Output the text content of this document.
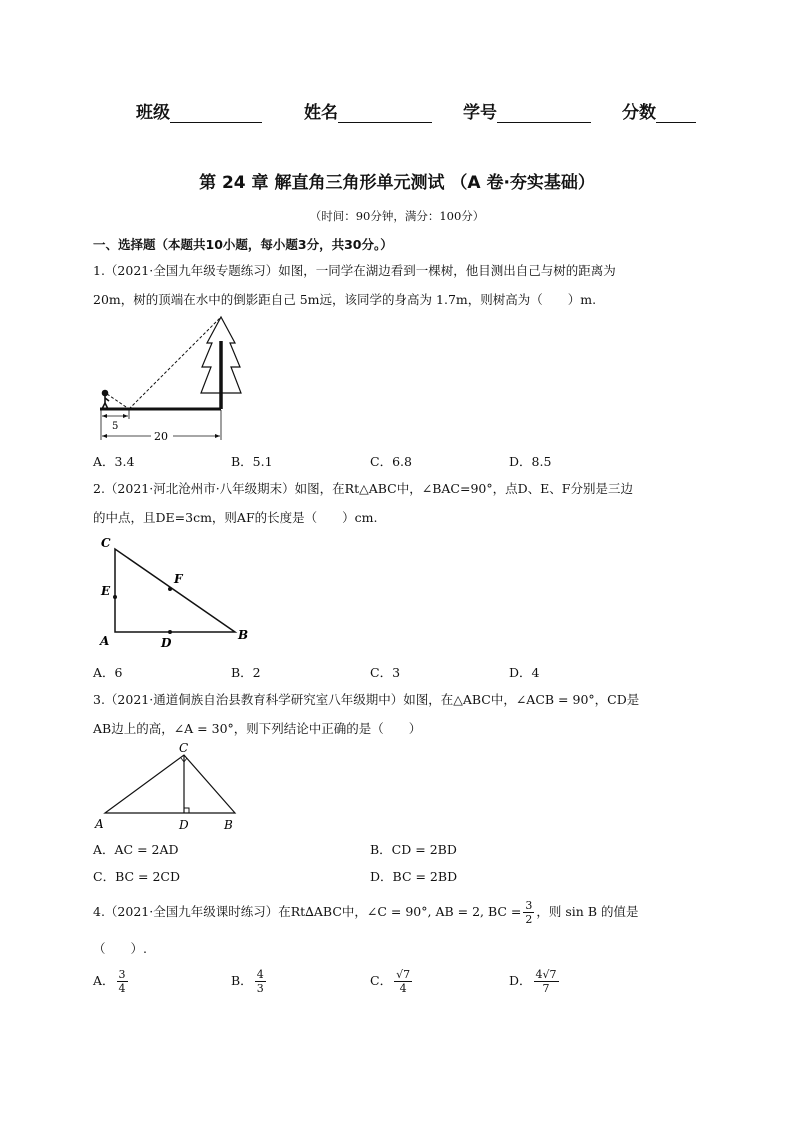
班级	姓名	学号	分数
第 24 章 解直角三角形单元测试 （A 卷·夯实基础）
（时间：90分钟，满分：100分）
一、选择题（本题共10小题，每小题3分，共30分。）
1.（2021·全国九年级专题练习）如图，一同学在湖边看到一棵树，他目测出自己与树的距离为
20m，树的顶端在水中的倒影距自己 5m远，该同学的身高为 1.7m，则树高为（　　）m.
5
20
A．3.4	B．5.1	C．6.8	D．8.5
2.（2021·河北沧州市·八年级期末）如图，在Rt△ABC中，∠BAC=90°，点D、E、F分别是三边
的中点，且DE=3cm，则AF的长度是（　　）cm.
C
E
F
A	D
B
A．6	B．2	C．3	D．4
3.（2021·通道侗族自治县教育科学研究室八年级期中）如图，在△ABC中，∠ACB = 90°，CD是
AB边上的高，∠A = 30°，则下列结论中正确的是（　　）
C
A	D	B
A．AC = 2AD	B．CD = 2BD
C．BC = 2CD	D．BC = 2BD
4.（2021·全国九年级课时练习）在Rt∆ABC中，∠C = 90°, AB = 2, BC = $\frac{3}{2}$ ，则 sin B 的值是
（　　）.
A． $\frac{3}{4}$	B． $\frac{4}{3}$	C． $\frac{√7}{4}$	D． $\frac{4√7}{7}$
